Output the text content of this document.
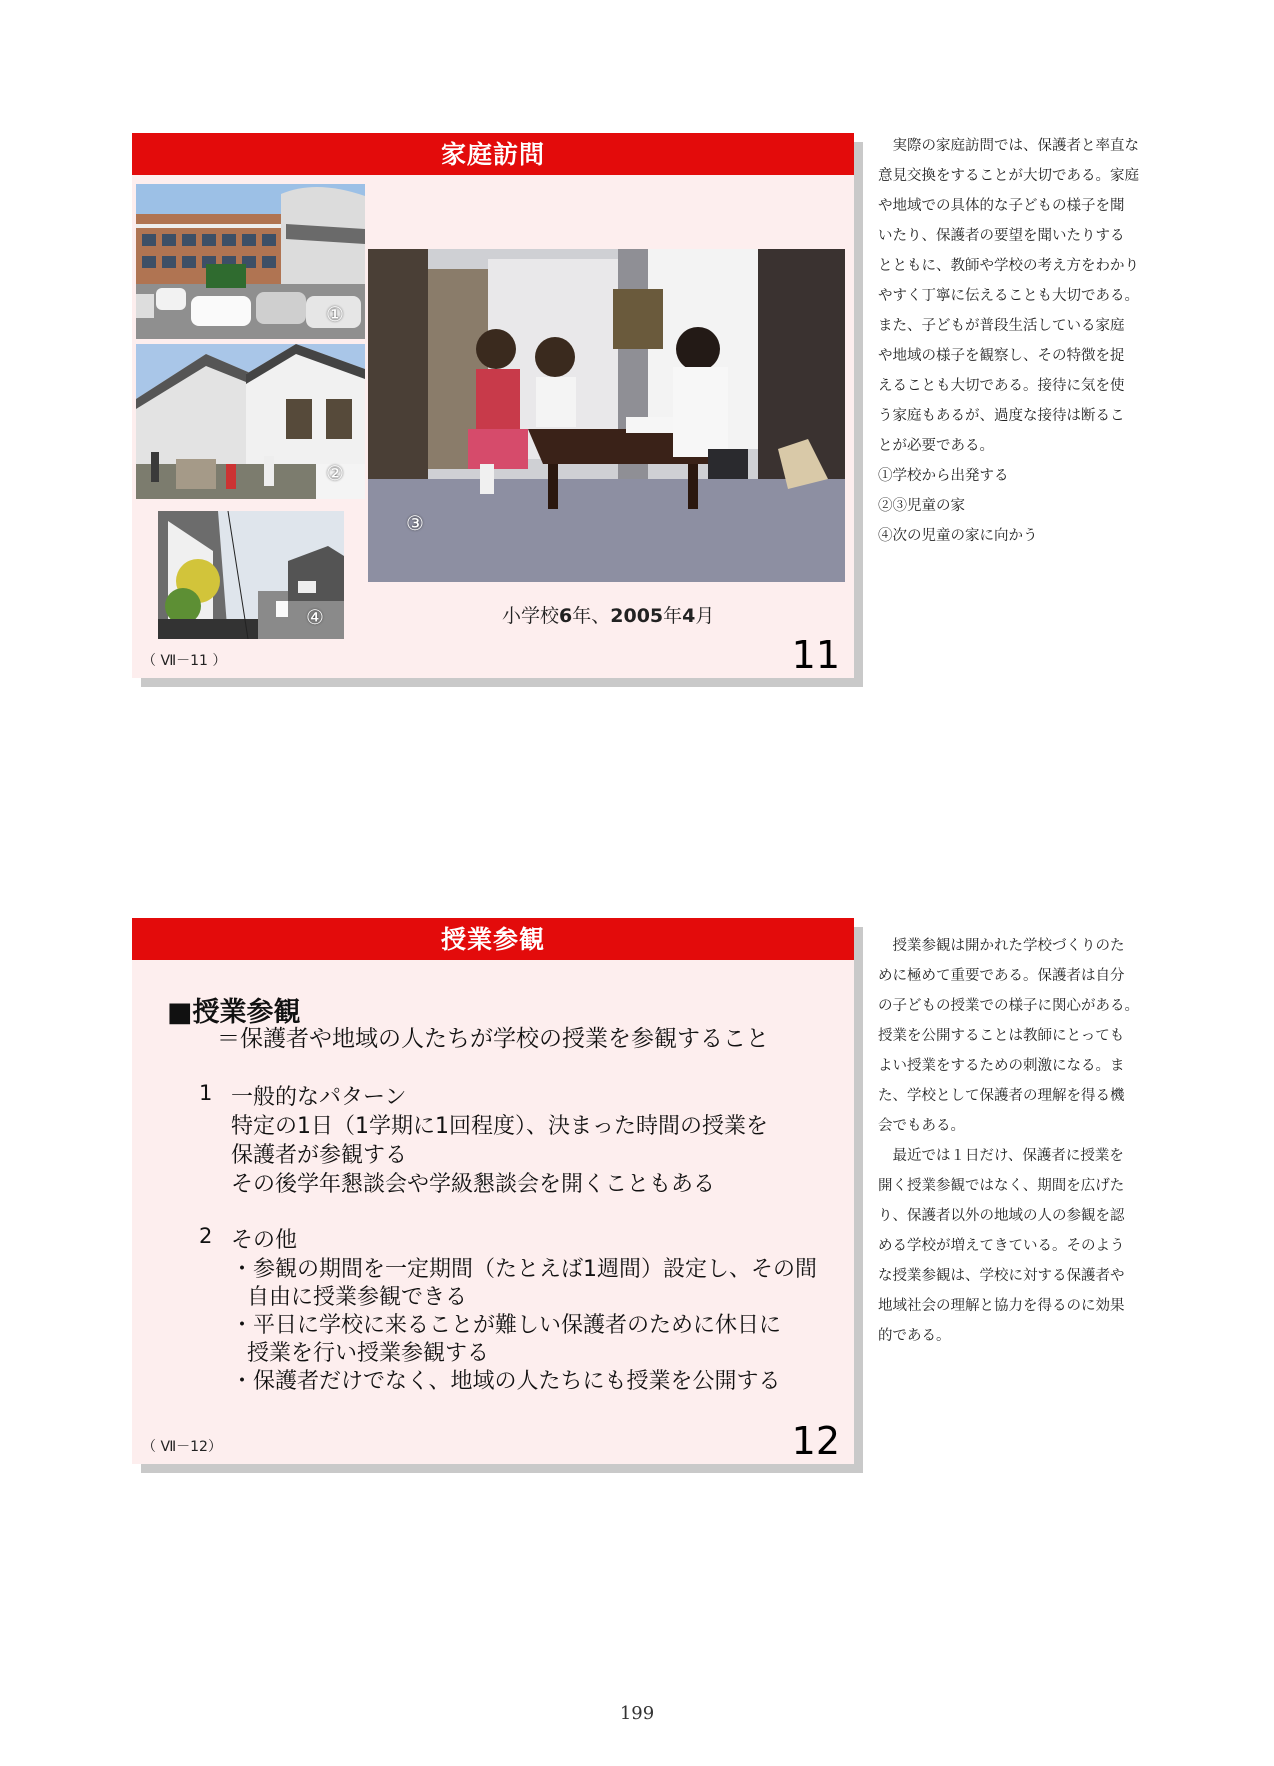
家庭訪問
①
②
④
③
小学校6年、2005年4月
（ Ⅶ－11 ）	11

実際の家庭訪問では、保護者と率直な

意見交換をすることが大切である。家庭

や地域での具体的な子どもの様子を聞

いたり、保護者の要望を聞いたりする

とともに、教師や学校の考え方をわかり

やすく丁寧に伝えることも大切である。

また、子どもが普段生活している家庭

や地域の様子を観察し、その特徴を捉

えることも大切である。接待に気を使

う家庭もあるが、過度な接待は断るこ

とが必要である。

①学校から出発する

②③児童の家

④次の児童の家に向かう

授業参観
■授業参観
＝保護者や地域の人たちが学校の授業を参観すること
1 一般的なパターン
特定の1日（1学期に1回程度）、決まった時間の授業を
保護者が参観する
その後学年懇談会や学級懇談会を開くこともある
2 その他
・参観の期間を一定期間（たとえば1週間）設定し、その間
自由に授業参観できる
・平日に学校に来ることが難しい保護者のために休日に
授業を行い授業参観する
・保護者だけでなく、地域の人たちにも授業を公開する
（ Ⅶ－12）	12

授業参観は開かれた学校づくりのた

めに極めて重要である。保護者は自分

の子どもの授業での様子に関心がある。

授業を公開することは教師にとっても

よい授業をするための刺激になる。ま

た、学校として保護者の理解を得る機

会でもある。

最近では１日だけ、保護者に授業を

開く授業参観ではなく、期間を広げた

り、保護者以外の地域の人の参観を認

める学校が増えてきている。そのよう

な授業参観は、学校に対する保護者や

地域社会の理解と協力を得るのに効果

的である。

199
